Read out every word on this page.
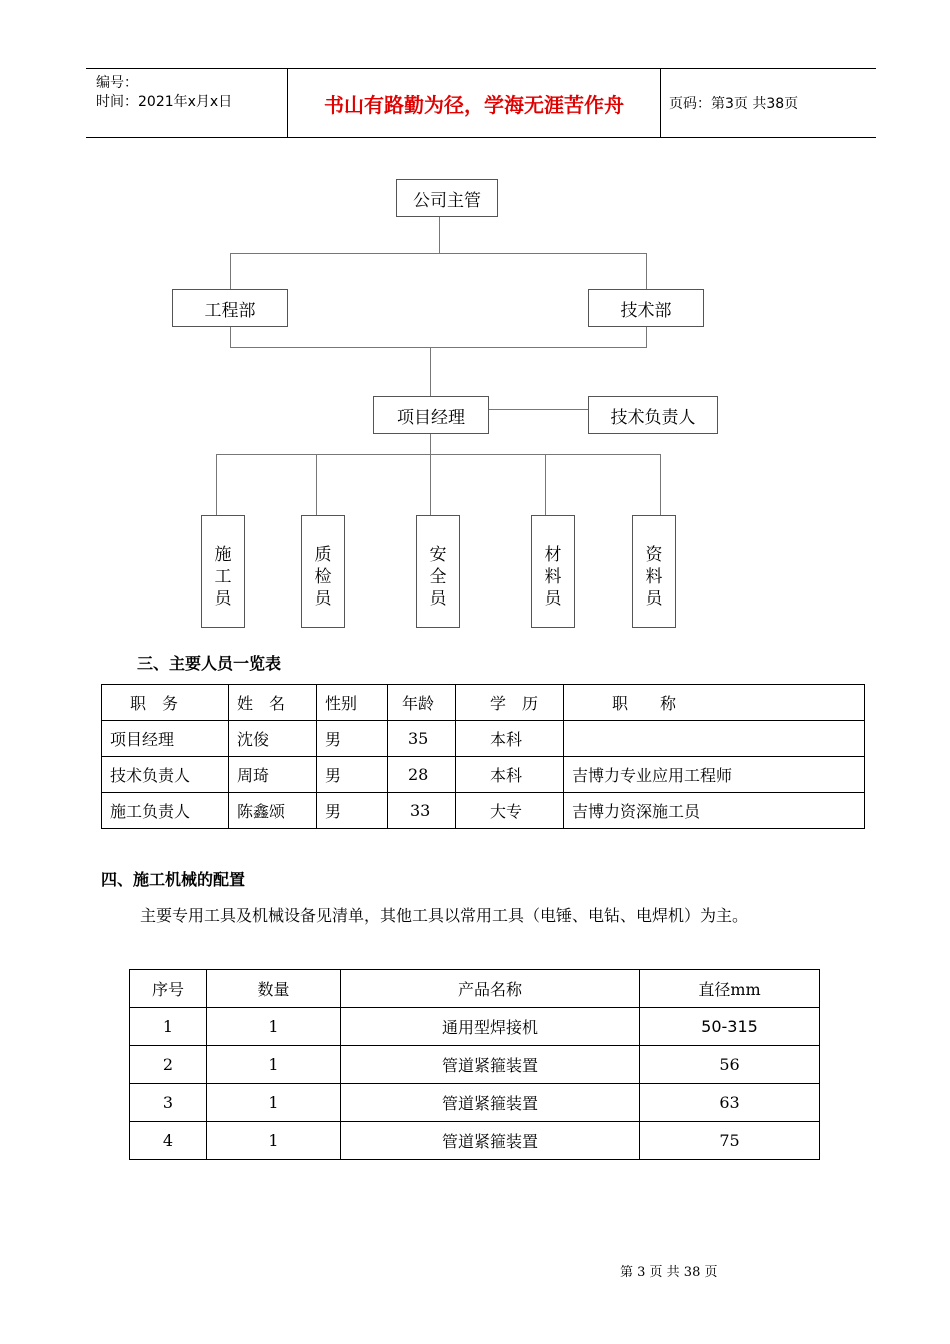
编号：
时间：2021年x月x日	书山有路勤为径，学海无涯苦作舟	页码：第3页 共38页
公司主管
工程部	技术部
项目经理	技术负责人
施
工
员
质
检
员
安
全
员
材
料
员
资
料
员
三、主要人员一览表
职　务	姓　名	性别	年龄	学　历	职　　称
项目经理	沈俊	男	35	本科	
技术负责人	周琦	男	28	本科	吉博力专业应用工程师
施工负责人	陈鑫颂	男	33	大专	吉博力资深施工员
四、施工机械的配置
主要专用工具及机械设备见清单，其他工具以常用工具（电锤、电钻、电焊机）为主。
序号	数量	产品名称	直径mm
1	1	通用型焊接机	50-315
2	1	管道紧箍装置	56
3	1	管道紧箍装置	63
4	1	管道紧箍装置	75
第 3 页 共 38 页
